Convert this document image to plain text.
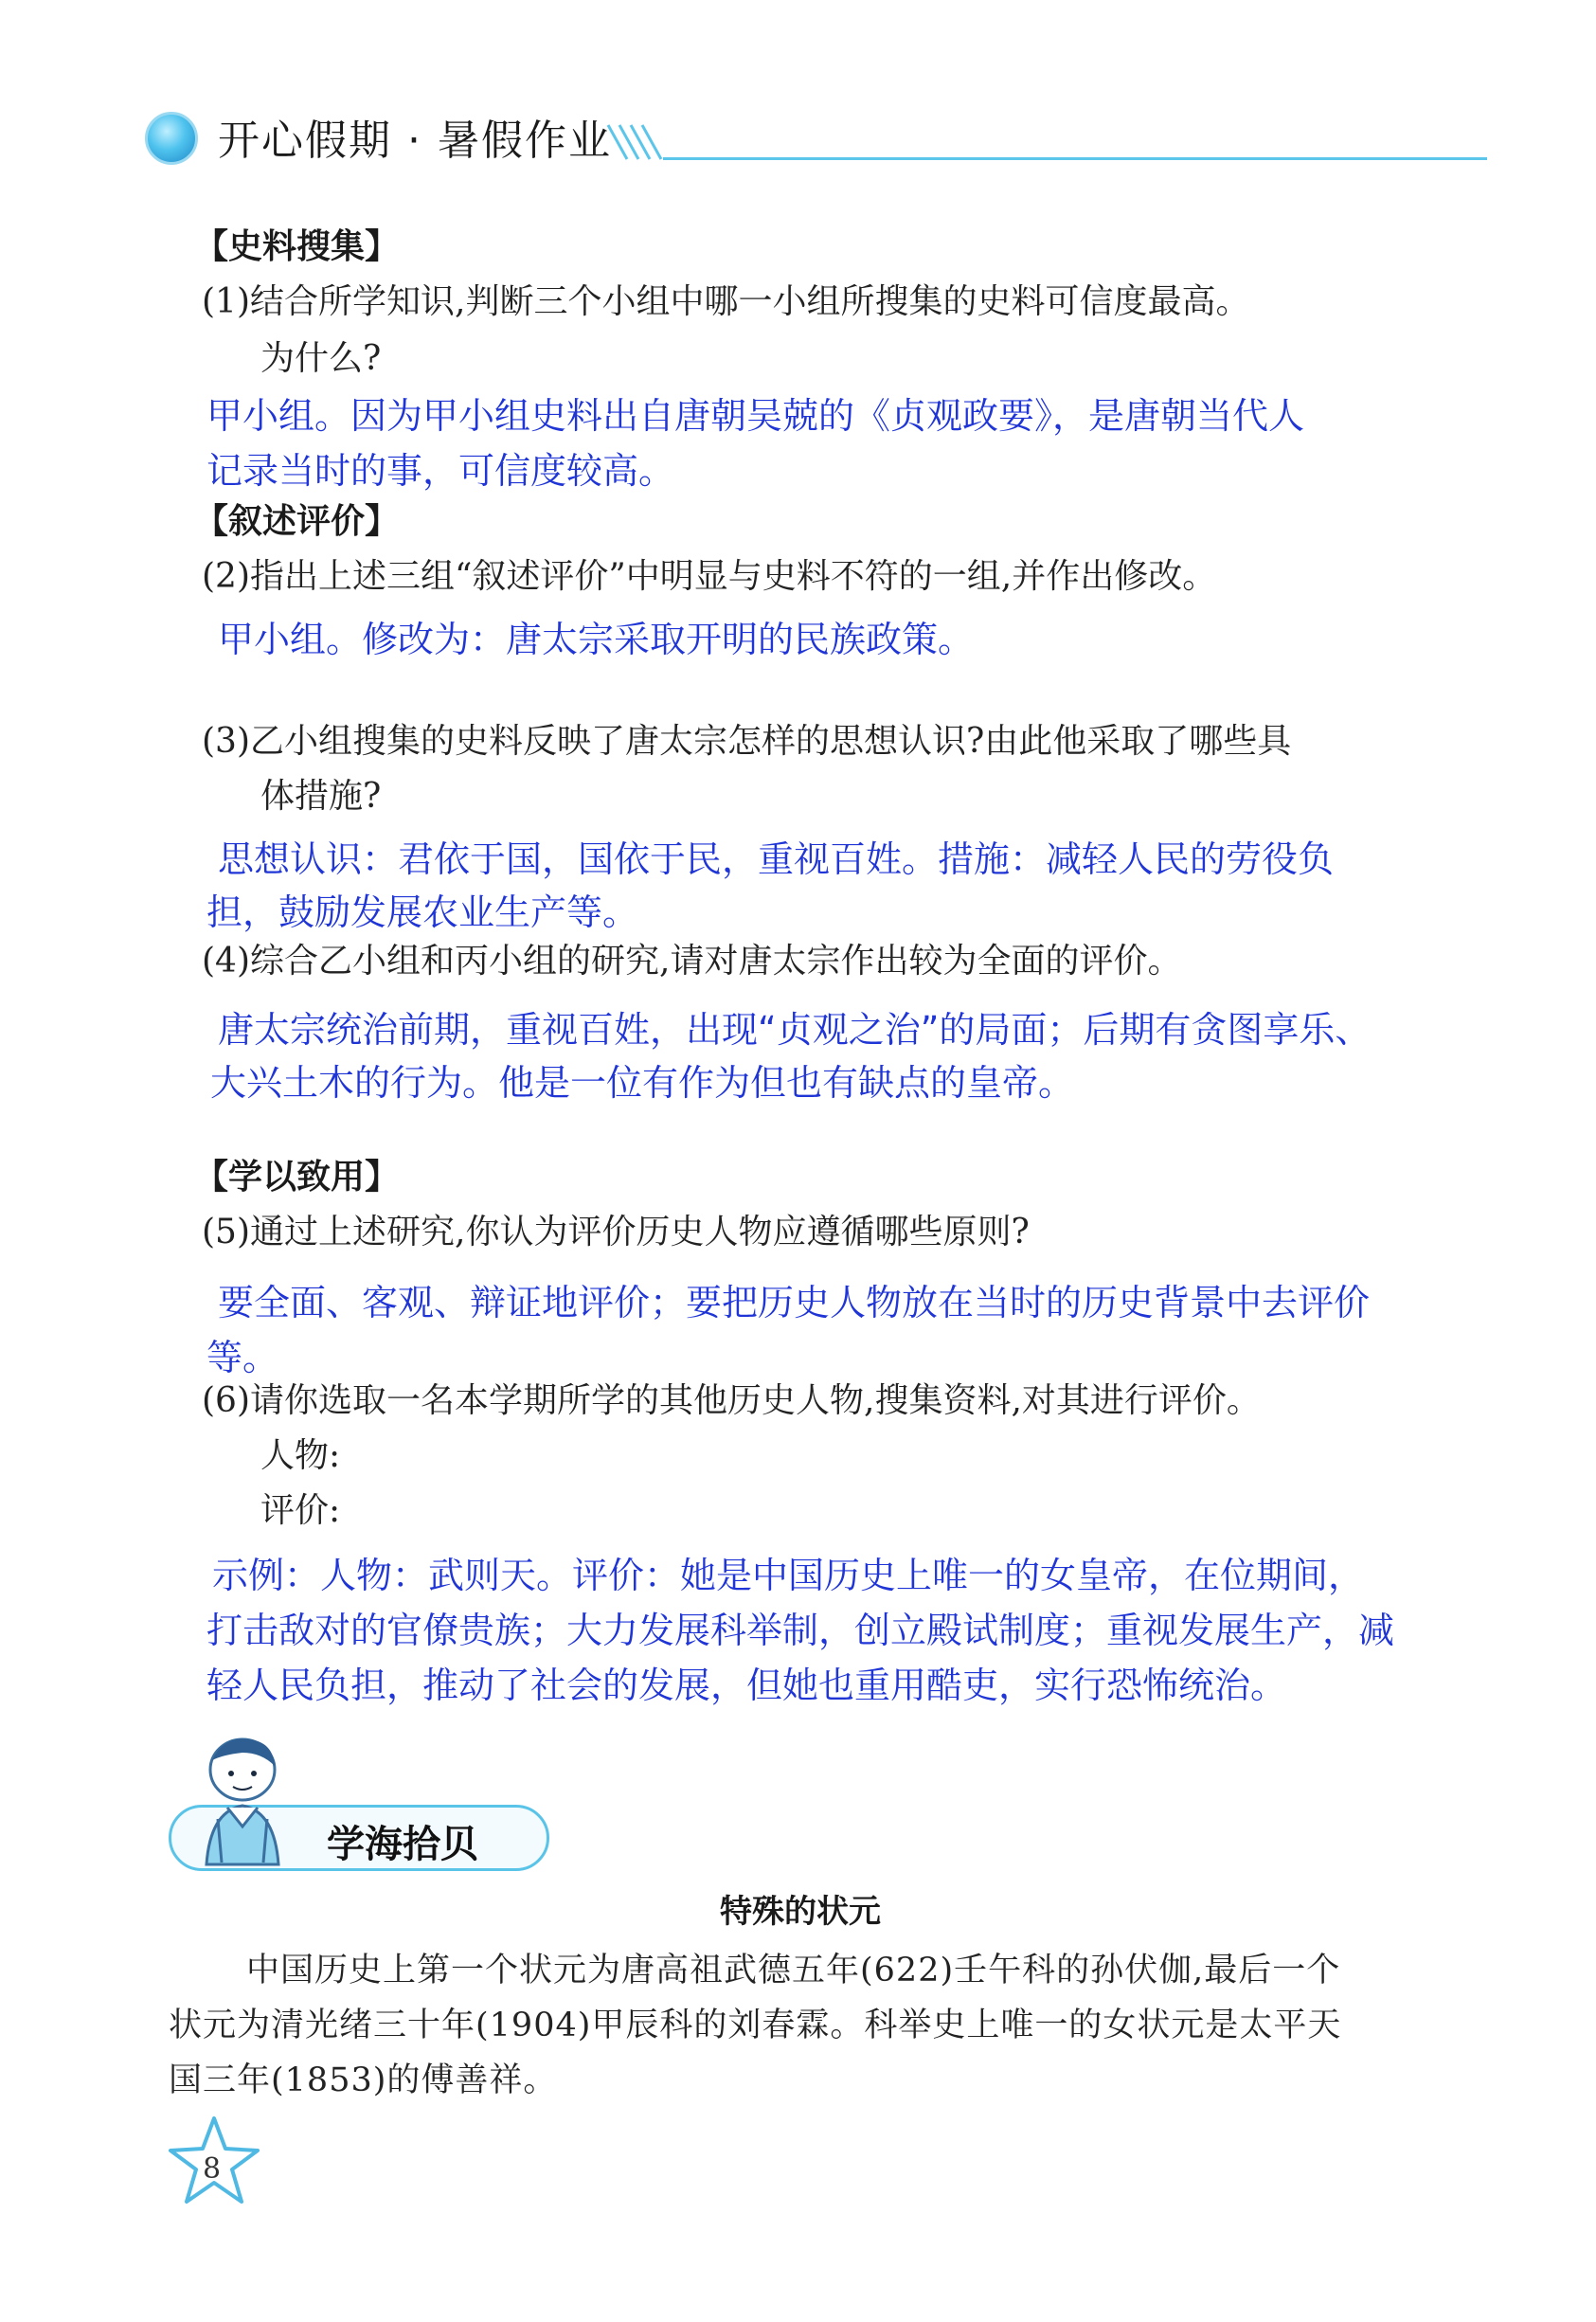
开心假期 · 暑假作业
【史料搜集】
(1)结合所学知识,判断三个小组中哪一小组所搜集的史料可信度最高。
为什么?
甲小组。因为甲小组史料出自唐朝吴兢的《贞观政要》，是唐朝当代人
记录当时的事，可信度较高。
【叙述评价】
(2)指出上述三组“叙述评价”中明显与史料不符的一组,并作出修改。
甲小组。修改为：唐太宗采取开明的民族政策。
(3)乙小组搜集的史料反映了唐太宗怎样的思想认识?由此他采取了哪些具
体措施?
思想认识：君依于国，国依于民，重视百姓。措施：减轻人民的劳役负
担，鼓励发展农业生产等。
(4)综合乙小组和丙小组的研究,请对唐太宗作出较为全面的评价。
唐太宗统治前期，重视百姓，出现“贞观之治”的局面；后期有贪图享乐、
大兴土木的行为。他是一位有作为但也有缺点的皇帝。
【学以致用】
(5)通过上述研究,你认为评价历史人物应遵循哪些原则?
要全面、客观、辩证地评价；要把历史人物放在当时的历史背景中去评价
等。
(6)请你选取一名本学期所学的其他历史人物,搜集资料,对其进行评价。
人物:
评价:
示例：人物：武则天。评价：她是中国历史上唯一的女皇帝，在位期间，
打击敌对的官僚贵族；大力发展科举制，创立殿试制度；重视发展生产，减
轻人民负担，推动了社会的发展，但她也重用酷吏，实行恐怖统治。
学海拾贝
特殊的状元
中国历史上第一个状元为唐高祖武德五年(622)壬午科的孙伏伽,最后一个
状元为清光绪三十年(1904)甲辰科的刘春霖。科举史上唯一的女状元是太平天
国三年(1853)的傅善祥。
8
